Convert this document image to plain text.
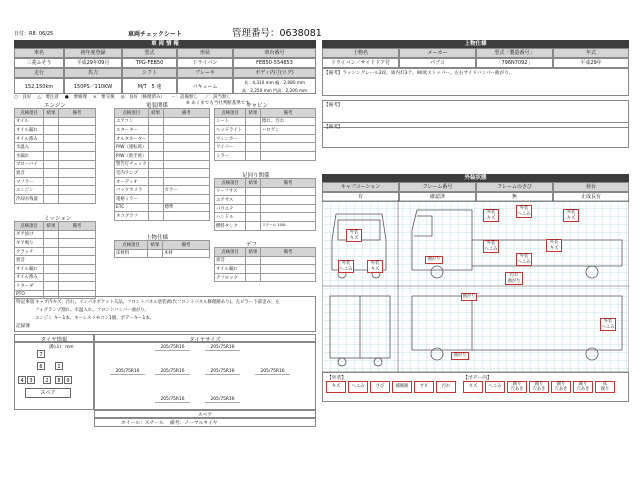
日付：R8. 06/25	車両チェックシート	管理番号：0638081
車 両 情 報
車名	初年度登録	型式	形状	車台番号
三菱ふそう	平成29年09月	TPG-FEB50	ドライバン	FEB50-554853
走行	馬力	シフト	ブレーキ	ボディ内寸(ログ)
152,150km	150PS／110KW	M/T 5 速	バキューム
長：4,310 mm 幅：2,080 mm
高：2,250 mm 門高：2,200 mm
○：良好 △：要注意 ●：要修理 ×：要交換 ◎：良好（修理済み） －：設備無し ／：該当無し
※ あくまでも当社判断基準です。
エンジン
点検項目	結果	備考
オイル		
オイル漏れ		
オイル滲み		
水温入		
水漏れ		
ブローバイ		
異音		
マフラー		
エンジン		
冷却水残量		
電装関係
点検項目	結果	備考
エアコン		
スターター		
オルタネーター		
P/W（運転席）		
P/W（助手席）		
警告灯チェック		
室内ランプ		
オーディオ		
バックカメラ		カラー
電格ミラー		
ETC		標準
タコグラフ		
キャビン
点検項目	結果	備考
シート		擦れ、汚れ
ヘッドライト		ハロゲン
ウィンカー		
ワイパー		
ミラー		
足回り関係
点検項目	結果	備考
リーフサス		
エアサス		
パワステ		
ハンドル		
燃料タンク		スチール 100L
ミッション
点検項目	結果	備考
ギア抜け		
ギア鳴り		
クラッチ		
異音		
オイル漏れ		
オイル滲み		
リターダ		
PTO		
上物仕様
点検項目	結果	備考
床材料		木材
デフ
点検項目	結果	備考
異音		
オイル漏れ		
デフロック		
特記事項 キャブ内キズ、汚れ。インパネポケット欠品。フロントパネル塗装剥げ(フロントパネル修理跡あり)。左ピラー下部歪み、左
フォグランプ割れ。水温入れ。フロントバンパー曲がり。
エンジン キー1本、キーレスリモコン1個、ボデーキー1本。
記録簿
タイヤ情報
溝(山)：mm
7
6	1
4	3	2	8	9
スペア
タイヤサイズ
205/75R16	205/75R16
205/75R16	205/75R16	205/75R16	205/75R16
205/75R16	205/75R16
スペア
ホイール：スチール 備考：ノーマルタイヤ
上物仕様
上物名	メーカー	型式「製造番号」	年式
ドライバン／サイドドア付	パブコ	「796N7092」	平成29年
【備考】ラッシングレール2段。庫内灯3个。90度ストッパー。左右サイドバンパー曲がり。
【備考】
【備考】
外装状態
キャブコーション	フレーム番号	フレームのさび	荷台
有	確認済	無	止成長有
外装
キズ
外装
キズ
外装
ヘこみ	外装
キズ
外装
ヘこみ
外装
キズ
外装
ヘこみ
曲がり
外装
へこみ
外装
キズ
汚れ
曲がり
曲がり
曲がり
外装
へこみ
【外装】
キズ	へこみ	さび	補修跡	サビ	汚れ
【ボデー内】
キズ	へこみ	腐り
穴あき
腐り
穴あき
腐り
穴あき
腐り
穴あき
床
腐り
